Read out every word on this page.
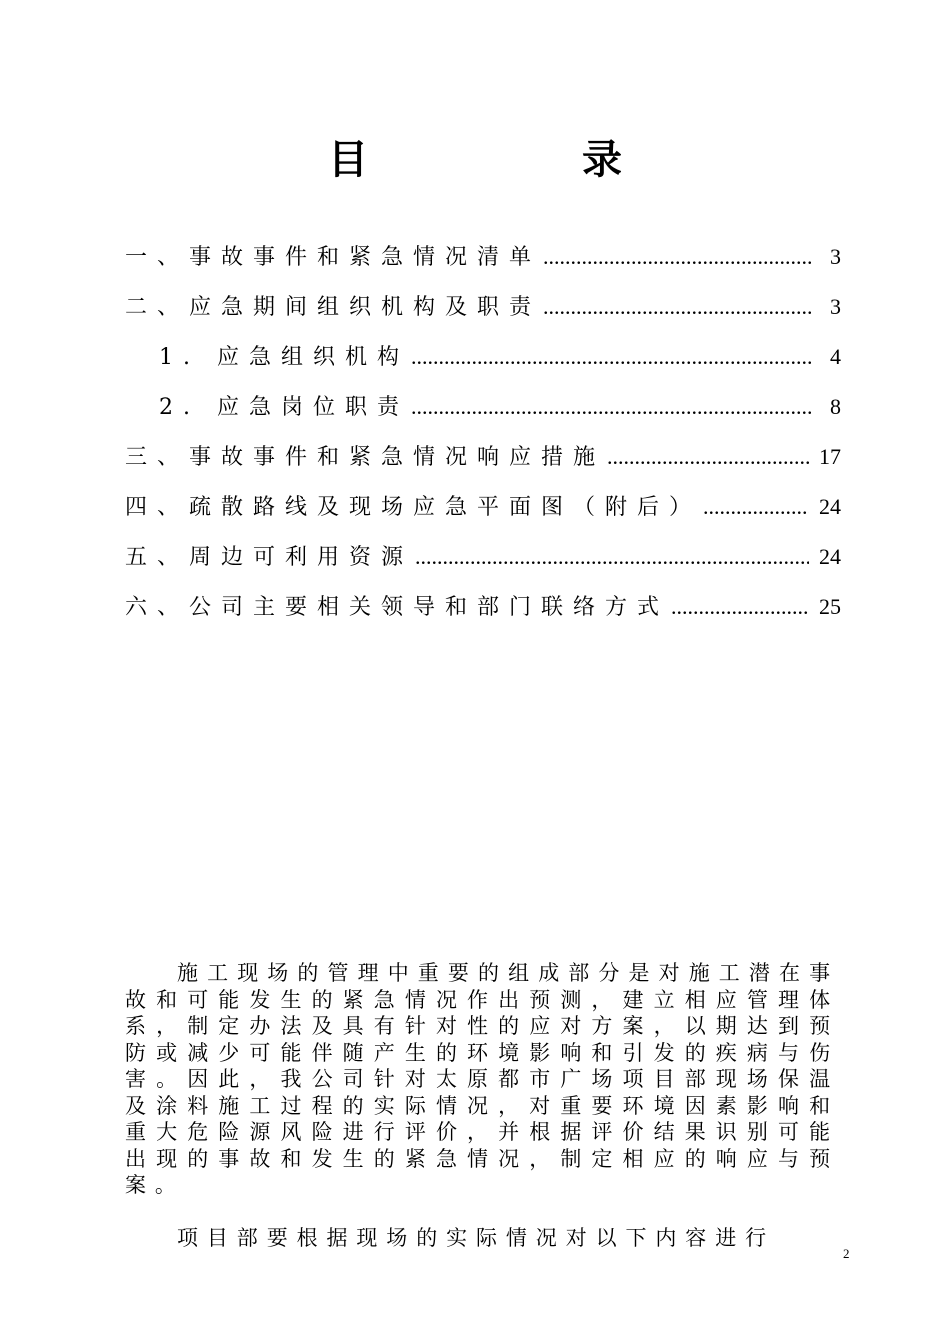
目 录
一、事故事件和紧急情况清单 .....	3
二、应急期间组织机构及职责 .....	3
1. 应急组织机构 .....	4
2. 应急岗位职责 .....	8
三、事故事件和紧急情况响应措施 .....	17
四、疏散路线及现场应急平面图（附后） .....	24
五、周边可利用资源 .....	24
六、公司主要相关领导和部门联络方式 .....	25

施工现场的管理中重要的组成部分是对施工潜在事故和可能发生的紧急情况作出预测，建立相应管理体系，制定办法及具有针对性的应对方案，以期达到预防或减少可能伴随产生的环境影响和引发的疾病与伤害。因此，我公司针对太原都市广场项目部现场保温及涂料施工过程的实际情况，对重要环境因素影响和重大危险源风险进行评价，并根据评价结果识别可能出现的事故和发生的紧急情况，制定相应的响应与预案。

项目部要根据现场的实际情况对以下内容进行

2
